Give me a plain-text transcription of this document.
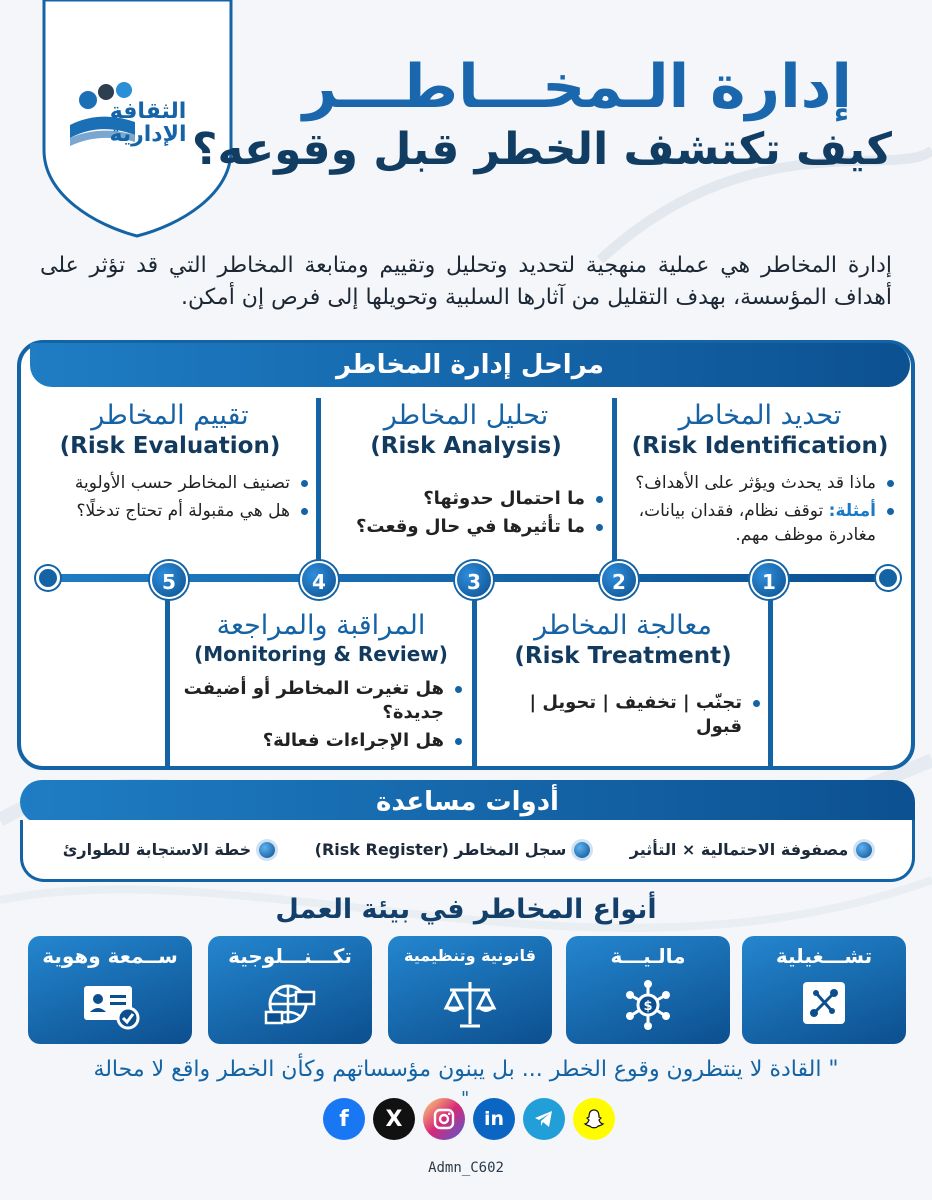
الثقافة
الإدارية
إدارة الـمخـــاطـــر
كيف تكتشف الخطر قبل وقوعه؟
إدارة المخاطر هي عملية منهجية لتحديد وتحليل وتقييم ومتابعة المخاطر التي قد تؤثر على أهداف المؤسسة، بهدف التقليل من آثارها السلبية وتحويلها إلى فرص إن أمكن.
مراحل إدارة المخاطر
1
2
3
4
5
تحديد المخاطر
(Risk Identification)
ماذا قد يحدث ويؤثر على الأهداف؟
أمثلة: توقف نظام، فقدان بيانات، مغادرة موظف مهم.
تحليل المخاطر
(Risk Analysis)
ما احتمال حدوثها؟
ما تأثيرها في حال وقعت؟
تقييم المخاطر
(Risk Evaluation)
تصنيف المخاطر حسب الأولوية
هل هي مقبولة أم تحتاج تدخلًا؟
معالجة المخاطر
(Risk Treatment)
تجنّب | تخفيف | تحويل | قبول
المراقبة والمراجعة
(Monitoring & Review)
هل تغيرت المخاطر أو أضيفت جديدة؟
هل الإجراءات فعالة؟
أدوات مساعدة
مصفوفة الاحتمالية × التأثير
سجل المخاطر (Risk Register)
خطة الاستجابة للطوارئ
أنواع المخاطر في بيئة العمل
تشـــغيلية
مالـيـــة
$
قانونية وتنظيمية
تكـــنـــلوجية
ســمعة وهوية
" القادة لا ينتظرون وقوع الخطر ... بل يبنون مؤسساتهم وكأن الخطر واقع لا محالة
"
f	X	in
Admn_C602
